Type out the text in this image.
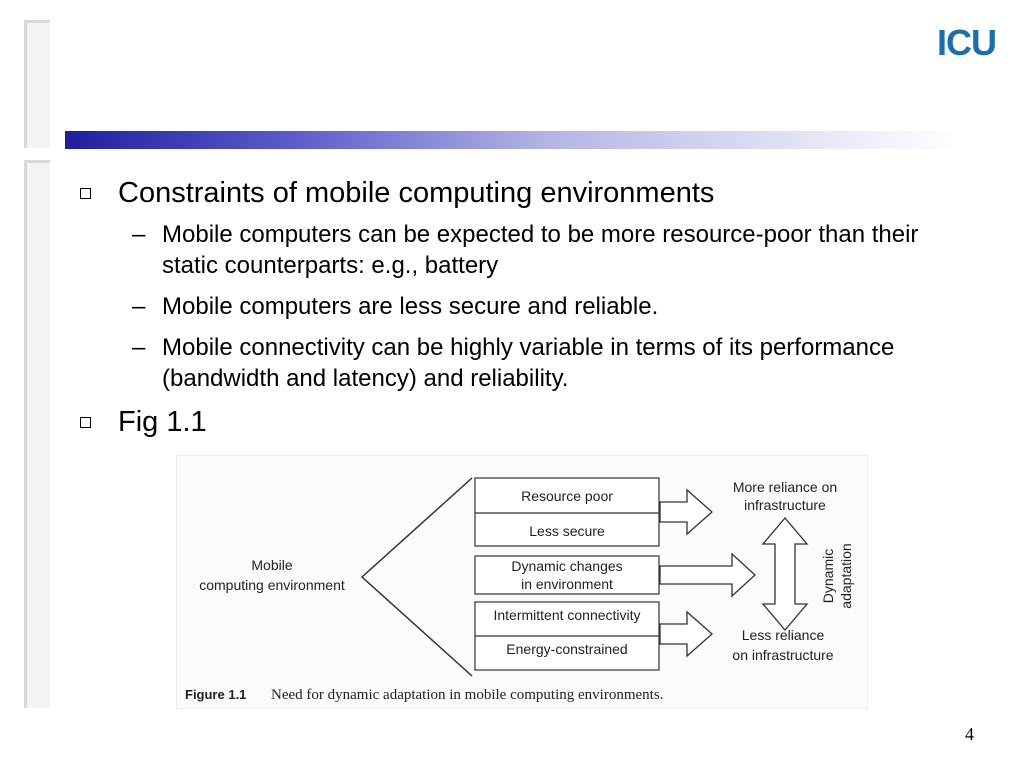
ICU
Constraints of mobile computing environments
– Mobile computers can be expected to be more resource-poor than their static counterparts: e.g., battery
– Mobile computers are less secure and reliable.
– Mobile connectivity can be highly variable in terms of its performance (bandwidth and latency) and reliability.
Fig 1.1
Mobile
computing environment
Resource poor
Less secure
Dynamic changes
in environment
Intermittent connectivity
Energy-constrained
More reliance on
infrastructure
Less reliance
on infrastructure
Dynamic adaptation
Figure 1.1 Need for dynamic adaptation in mobile computing environments.
4
